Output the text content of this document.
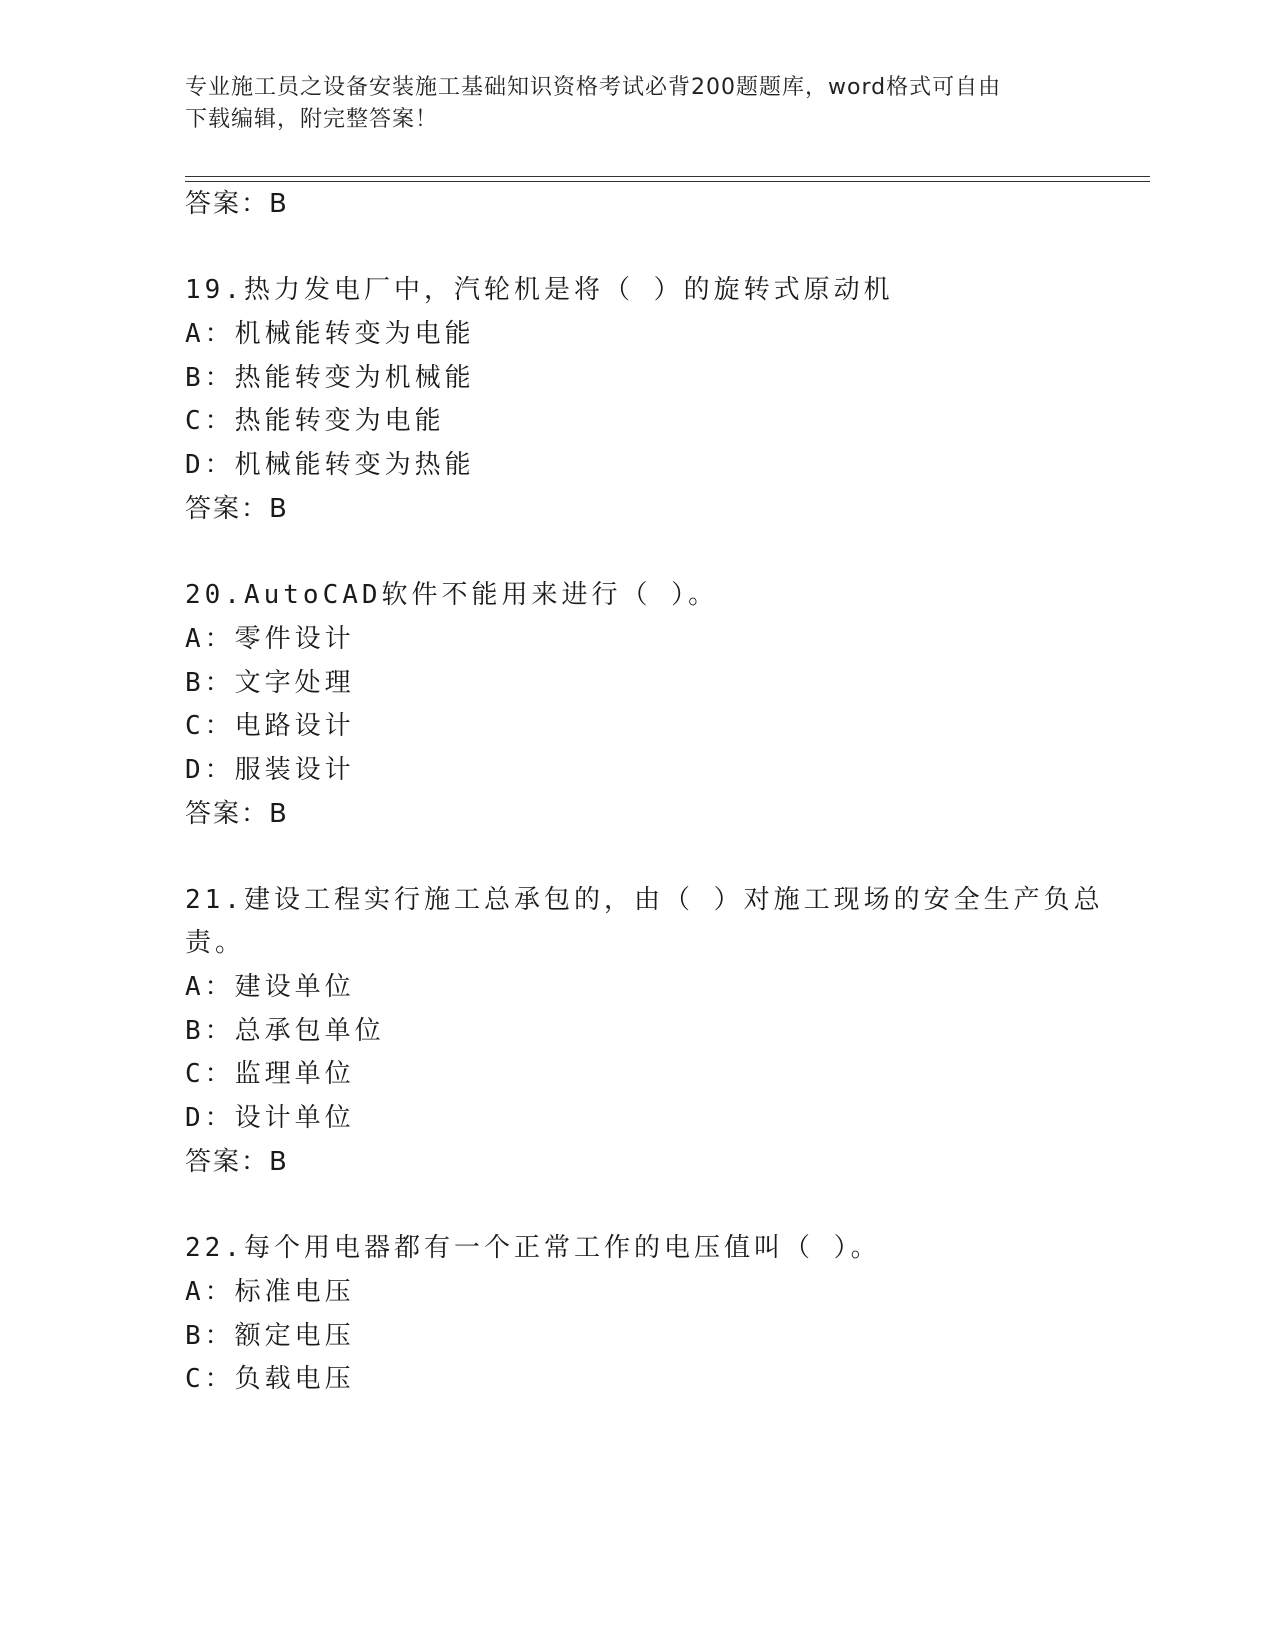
专业施工员之设备安装施工基础知识资格考试必背200题题库，word格式可自由
下载编辑，附完整答案！
答案：B
19.热力发电厂中，汽轮机是将（ ）的旋转式原动机
A：机械能转变为电能
B：热能转变为机械能
C：热能转变为电能
D：机械能转变为热能
答案：B
20.AutoCAD软件不能用来进行（ ）。
A：零件设计
B：文字处理
C：电路设计
D：服装设计
答案：B
21.建设工程实行施工总承包的，由（ ）对施工现场的安全生产负总
责。
A：建设单位
B：总承包单位
C：监理单位
D：设计单位
答案：B
22.每个用电器都有一个正常工作的电压值叫（ ）。
A：标准电压
B：额定电压
C：负载电压
